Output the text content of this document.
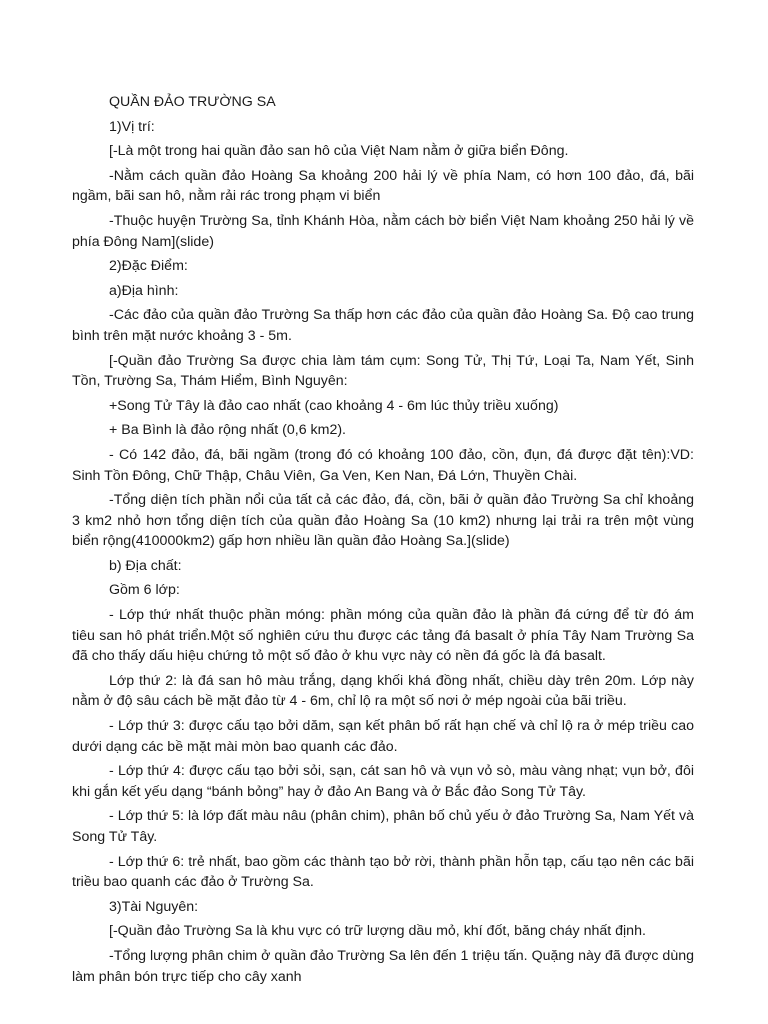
QUẦN ĐẢO TRƯỜNG SA

1)Vị trí:

[-Là một trong hai quần đảo san hô của Việt Nam nằm ở giữa biển Đông.

-Nằm cách quần đảo Hoàng Sa khoảng 200 hải lý về phía Nam, có hơn 100 đảo, đá, bãi ngầm, bãi san hô, nằm rải rác trong phạm vi biển

-Thuộc huyện Trường Sa, tỉnh Khánh Hòa, nằm cách bờ biển Việt Nam khoảng 250 hải lý về phía Đông Nam](slide)

2)Đặc Điểm:

a)Địa hình:

-Các đảo của quần đảo Trường Sa thấp hơn các đảo của quần đảo Hoàng Sa. Độ cao trung bình trên mặt nước khoảng 3 - 5m.

[-Quần đảo Trường Sa được chia làm tám cụm: Song Tử, Thị Tứ, Loại Ta, Nam Yết, Sinh Tồn, Trường Sa, Thám Hiểm, Bình Nguyên:

+Song Tử Tây là đảo cao nhất (cao khoảng 4 - 6m lúc thủy triều xuống)

+ Ba Bình là đảo rộng nhất (0,6 km2).

- Có 142 đảo, đá, bãi ngầm (trong đó có khoảng 100 đảo, cồn, đụn, đá được đặt tên):VD: Sinh Tồn Đông, Chữ Thập, Châu Viên, Ga Ven, Ken Nan, Đá Lớn, Thuyền Chài.

-Tổng diện tích phần nổi của tất cả các đảo, đá, cồn, bãi ở quần đảo Trường Sa chỉ khoảng 3 km2 nhỏ hơn tổng diện tích của quần đảo Hoàng Sa (10 km2) nhưng lại trải ra trên một vùng biển rộng(410000km2) gấp hơn nhiều lần quần đảo Hoàng Sa.](slide)

b) Địa chất:

Gồm 6 lớp:

- Lớp thứ nhất thuộc phần móng: phần móng của quần đảo là phần đá cứng để từ đó ám tiêu san hô phát triển.Một số nghiên cứu thu được các tảng đá basalt ở phía Tây Nam Trường Sa đã cho thấy dấu hiệu chứng tỏ một số đảo ở khu vực này có nền đá gốc là đá basalt.

Lớp thứ 2: là đá san hô màu trắng, dạng khối khá đồng nhất, chiều dày trên 20m. Lớp này nằm ở độ sâu cách bề mặt đảo từ 4 - 6m, chỉ lộ ra một số nơi ở mép ngoài của bãi triều.

- Lớp thứ 3: được cấu tạo bởi dăm, sạn kết phân bố rất hạn chế và chỉ lộ ra ở mép triều cao dưới dạng các bề mặt mài mòn bao quanh các đảo.

- Lớp thứ 4: được cấu tạo bởi sỏi, sạn, cát san hô và vụn vỏ sò, màu vàng nhạt; vụn bở, đôi khi gắn kết yếu dạng “bánh bỏng” hay ở đảo An Bang và ở Bắc đảo Song Tử Tây.

- Lớp thứ 5: là lớp đất màu nâu (phân chim), phân bố chủ yếu ở đảo Trường Sa, Nam Yết và Song Tử Tây.

- Lớp thứ 6: trẻ nhất, bao gồm các thành tạo bở rời, thành phần hỗn tạp, cấu tạo nên các bãi triều bao quanh các đảo ở Trường Sa.

3)Tài Nguyên:

[-Quần đảo Trường Sa là khu vực có trữ lượng dầu mỏ, khí đốt, băng cháy nhất định.

-Tổng lượng phân chim ở quần đảo Trường Sa lên đến 1 triệu tấn. Quặng này đã được dùng làm phân bón trực tiếp cho cây xanh
